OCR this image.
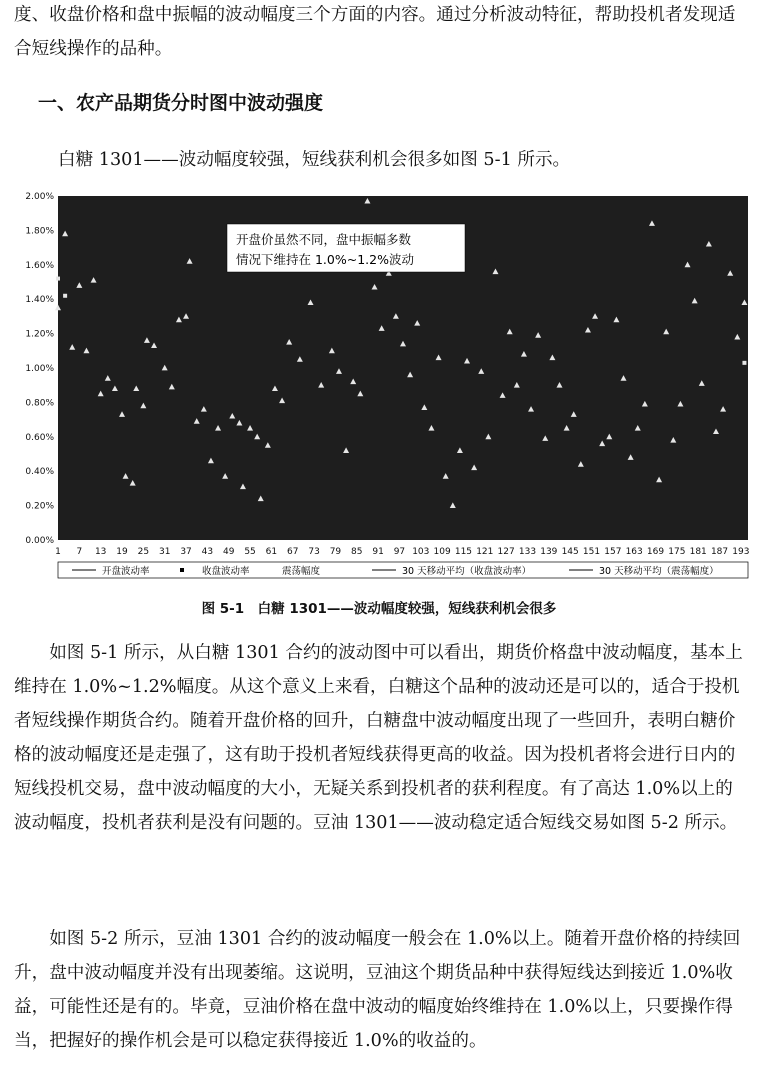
度、收盘价格和盘中振幅的波动幅度三个方面的内容。通过分析波动特征，帮助投机者发现适合短线操作的品种。

一、农产品期货分时图中波动强度

白糖 1301——波动幅度较强，短线获利机会很多如图 5-1 所示。

0.00%
0.20%
0.40%
0.60%
0.80%
1.00%
1.20%
1.40%
1.60%
1.80%
2.00%
1 7 13 19 25 31 37 43 49 55 61 67 73 79 85 91 97 103 109 115 121 127 133 139 145 151 157 163 169 175 181 187 193
开盘价虽然不同，盘中振幅多数
情况下维持在 1.0%~1.2%波动
开盘波动率	收盘波动率	震荡幅度	30 天移动平均（收盘波动率）	30 天移动平均（震荡幅度）

图 5-1　白糖 1301——波动幅度较强，短线获利机会很多

如图 5-1 所示，从白糖 1301 合约的波动图中可以看出，期货价格盘中波动幅度，基本上维持在 1.0%~1.2%幅度。从这个意义上来看，白糖这个品种的波动还是可以的，适合于投机者短线操作期货合约。随着开盘价格的回升，白糖盘中波动幅度出现了一些回升，表明白糖价格的波动幅度还是走强了，这有助于投机者短线获得更高的收益。因为投机者将会进行日内的短线投机交易，盘中波动幅度的大小，无疑关系到投机者的获利程度。有了高达 1.0%以上的波动幅度，投机者获利是没有问题的。豆油 1301——波动稳定适合短线交易如图 5-2 所示。

如图 5-2 所示，豆油 1301 合约的波动幅度一般会在 1.0%以上。随着开盘价格的持续回升，盘中波动幅度并没有出现萎缩。这说明，豆油这个期货品种中获得短线达到接近 1.0%收益，可能性还是有的。毕竟，豆油价格在盘中波动的幅度始终维持在 1.0%以上，只要操作得当，把握好的操作机会是可以稳定获得接近 1.0%的收益的。
